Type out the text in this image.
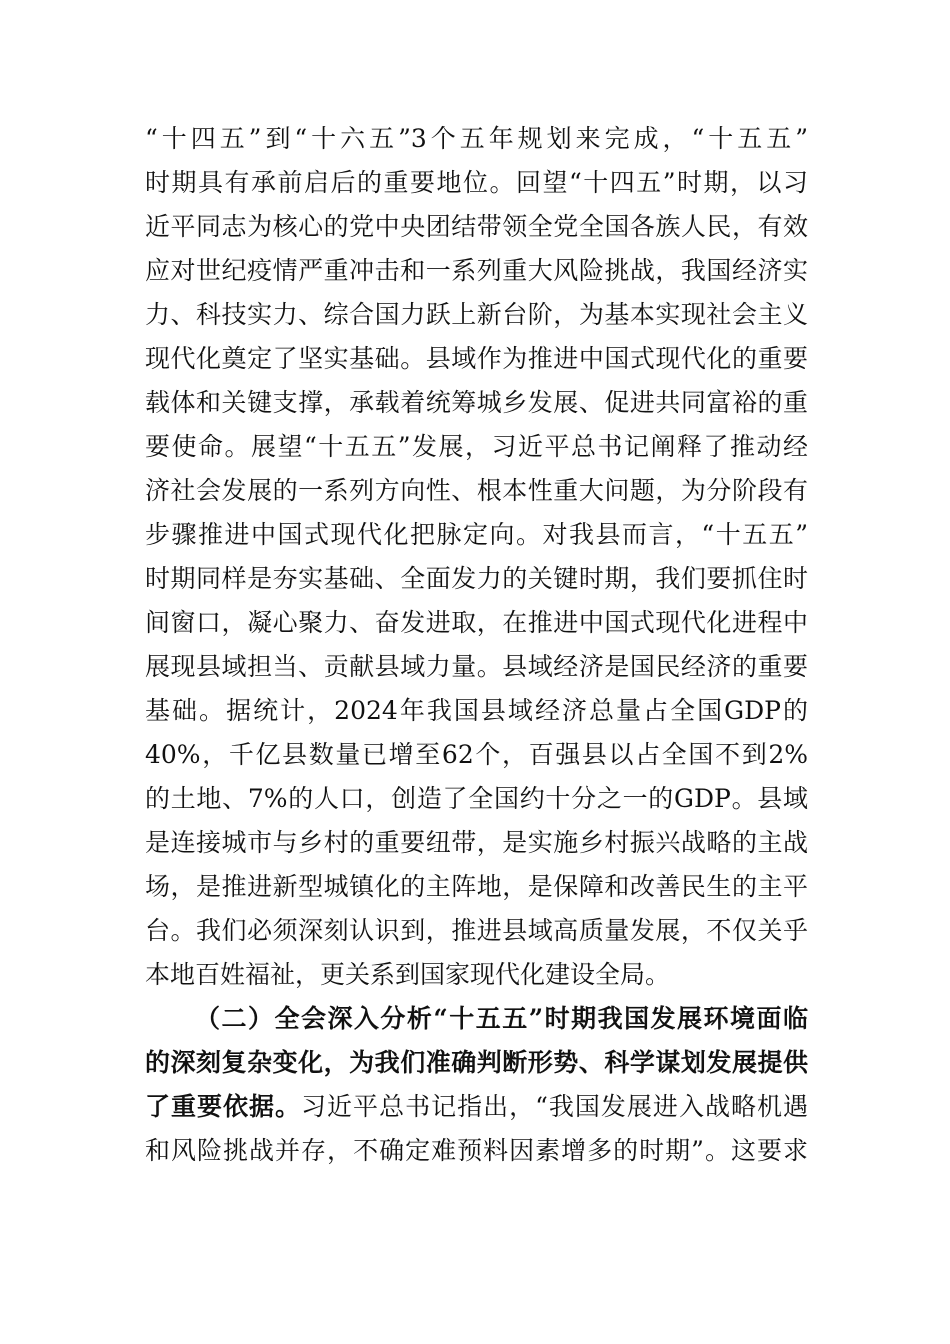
“十四五”到“十六五”3个五年规划来完成，“十五五”
时期具有承前启后的重要地位。回望“十四五”时期，以习
近平同志为核心的党中央团结带领全党全国各族人民，有效
应对世纪疫情严重冲击和一系列重大风险挑战，我国经济实
力、科技实力、综合国力跃上新台阶，为基本实现社会主义
现代化奠定了坚实基础。县域作为推进中国式现代化的重要
载体和关键支撑，承载着统筹城乡发展、促进共同富裕的重
要使命。展望“十五五”发展，习近平总书记阐释了推动经
济社会发展的一系列方向性、根本性重大问题，为分阶段有
步骤推进中国式现代化把脉定向。对我县而言，“十五五”
时期同样是夯实基础、全面发力的关键时期，我们要抓住时
间窗口，凝心聚力、奋发进取，在推进中国式现代化进程中
展现县域担当、贡献县域力量。县域经济是国民经济的重要
基础。据统计，2024年我国县域经济总量占全国GDP的
40%，千亿县数量已增至62个，百强县以占全国不到2%
的土地、7%的人口，创造了全国约十分之一的GDP。县域
是连接城市与乡村的重要纽带，是实施乡村振兴战略的主战
场，是推进新型城镇化的主阵地，是保障和改善民生的主平
台。我们必须深刻认识到，推进县域高质量发展，不仅关乎
本地百姓福祉，更关系到国家现代化建设全局。
（二）全会深入分析“十五五”时期我国发展环境面临
的深刻复杂变化，为我们准确判断形势、科学谋划发展提供
了重要依据。习近平总书记指出，“我国发展进入战略机遇
和风险挑战并存，不确定难预料因素增多的时期”。这要求
